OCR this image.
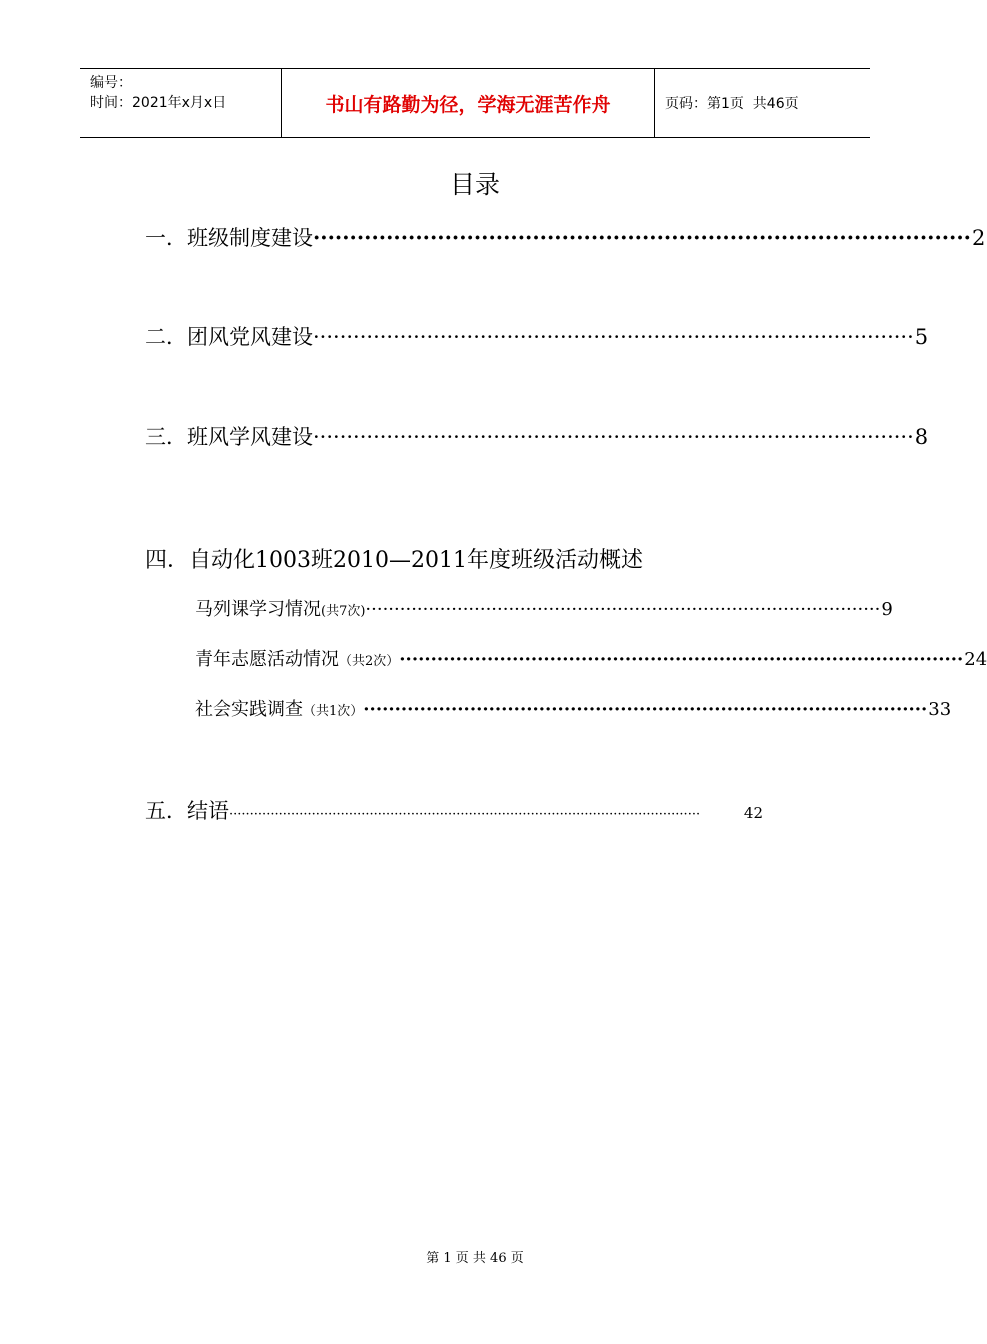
编号：
时间：2021年x月x日	书山有路勤为径，学海无涯苦作舟	页码：第1页  共46页
目录
一．班级制度建设 ·························································································· 2
二．团风党风建设 ·························································································· 5
三．班风学风建设 ·························································································· 8
四．自动化1003班2010—2011年度班级活动概述
马列课学习情况 (共7次) ·························································································· 9
青年志愿活动情况 （共2次） ·························································································· 24
社会实践调查 （共1次） ·························································································· 33
五．结语 ··················································································································	42
第 1 页 共 46 页
